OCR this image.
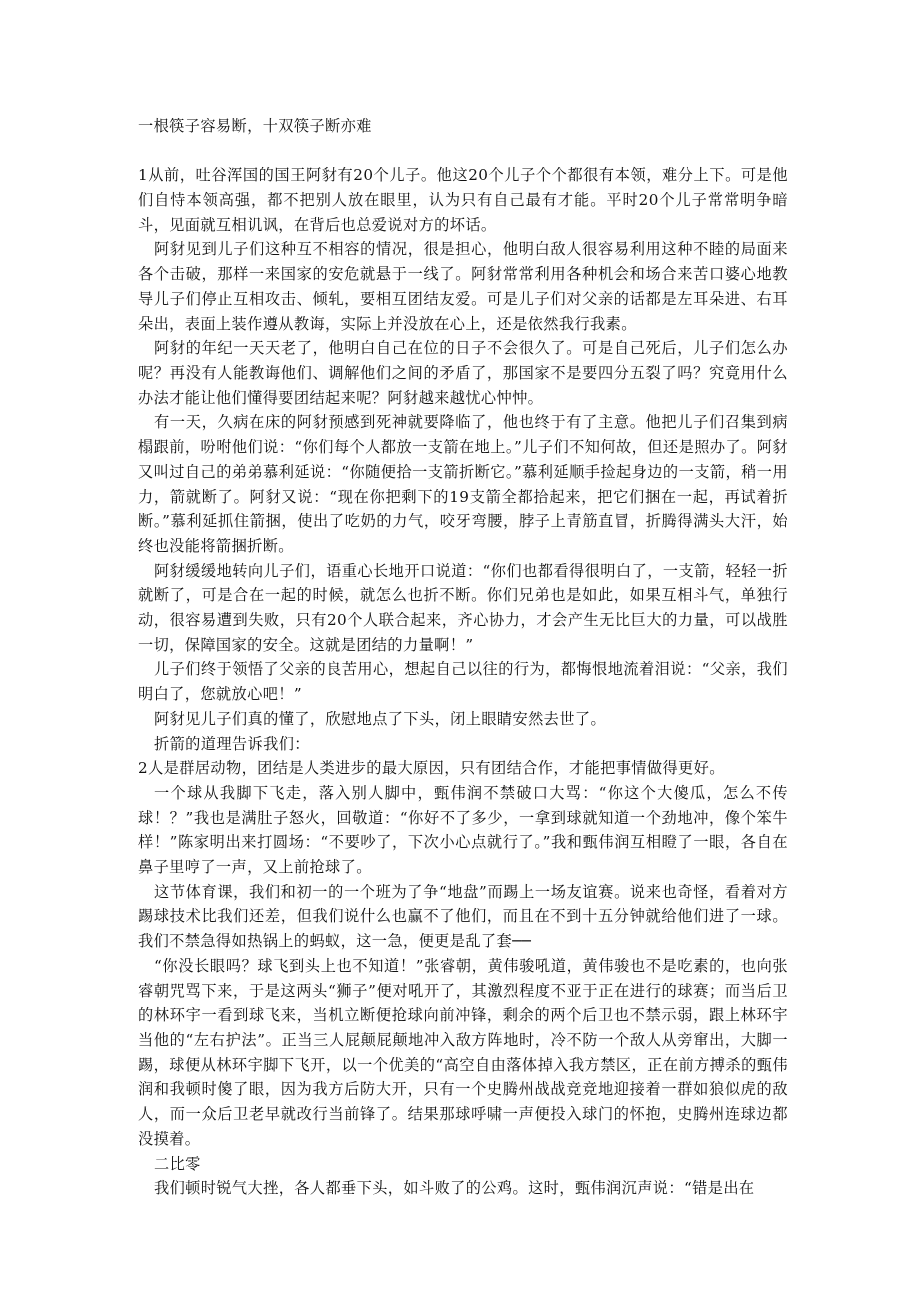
一根筷子容易断，十双筷子断亦难

1从前，吐谷浑国的国王阿豺有20个儿子。他这20个儿子个个都很有本领，难分上下。可是他们自恃本领高强，都不把别人放在眼里，认为只有自己最有才能。平时20个儿子常常明争暗斗，见面就互相讥讽，在背后也总爱说对方的坏话。

阿豺见到儿子们这种互不相容的情况，很是担心，他明白敌人很容易利用这种不睦的局面来各个击破，那样一来国家的安危就悬于一线了。阿豺常常利用各种机会和场合来苦口婆心地教导儿子们停止互相攻击、倾轧，要相互团结友爱。可是儿子们对父亲的话都是左耳朵进、右耳朵出，表面上装作遵从教诲，实际上并没放在心上，还是依然我行我素。

阿豺的年纪一天天老了，他明白自己在位的日子不会很久了。可是自己死后，儿子们怎么办呢？再没有人能教诲他们、调解他们之间的矛盾了，那国家不是要四分五裂了吗？究竟用什么办法才能让他们懂得要团结起来呢？阿豺越来越忧心忡忡。

有一天，久病在床的阿豺预感到死神就要降临了，他也终于有了主意。他把儿子们召集到病榻跟前，吩咐他们说：“你们每个人都放一支箭在地上。”儿子们不知何故，但还是照办了。阿豺又叫过自己的弟弟慕利延说：“你随便拾一支箭折断它。”慕利延顺手捡起身边的一支箭，稍一用力，箭就断了。阿豺又说：“现在你把剩下的19支箭全都拾起来，把它们捆在一起，再试着折断。”慕利延抓住箭捆，使出了吃奶的力气，咬牙弯腰，脖子上青筋直冒，折腾得满头大汗，始终也没能将箭捆折断。

阿豺缓缓地转向儿子们，语重心长地开口说道：“你们也都看得很明白了，一支箭，轻轻一折就断了，可是合在一起的时候，就怎么也折不断。你们兄弟也是如此，如果互相斗气，单独行动，很容易遭到失败，只有20个人联合起来，齐心协力，才会产生无比巨大的力量，可以战胜一切，保障国家的安全。这就是团结的力量啊！”

儿子们终于领悟了父亲的良苦用心，想起自己以往的行为，都悔恨地流着泪说：“父亲，我们明白了，您就放心吧！”

阿豺见儿子们真的懂了，欣慰地点了下头，闭上眼睛安然去世了。

折箭的道理告诉我们：

2人是群居动物，团结是人类进步的最大原因，只有团结合作，才能把事情做得更好。

一个球从我脚下飞走，落入别人脚中，甄伟润不禁破口大骂：“你这个大傻瓜，怎么不传球！？”我也是满肚子怒火，回敬道：“你好不了多少，一拿到球就知道一个劲地冲，像个笨牛样！”陈家明出来打圆场：“不要吵了，下次小心点就行了。”我和甄伟润互相瞪了一眼，各自在鼻子里哼了一声，又上前抢球了。

这节体育课，我们和初一的一个班为了争“地盘”而踢上一场友谊赛。说来也奇怪，看着对方踢球技术比我们还差，但我们说什么也赢不了他们，而且在不到十五分钟就给他们进了一球。我们不禁急得如热锅上的蚂蚁，这一急，便更是乱了套──

“你没长眼吗？球飞到头上也不知道！”张睿朝，黄伟骏吼道，黄伟骏也不是吃素的，也向张睿朝咒骂下来，于是这两头“狮子”便对吼开了，其激烈程度不亚于正在进行的球赛；而当后卫的林环宇一看到球飞来，当机立断便抢球向前冲锋，剩余的两个后卫也不禁示弱，跟上林环宇当他的“左右护法”。正当三人屁颠屁颠地冲入敌方阵地时，冷不防一个敌人从旁窜出，大脚一踢，球便从林环宇脚下飞开，以一个优美的“高空自由落体掉入我方禁区，正在前方搏杀的甄伟润和我顿时傻了眼，因为我方后防大开，只有一个史腾州战战竞竞地迎接着一群如狼似虎的敌人，而一众后卫老早就改行当前锋了。结果那球呼啸一声便投入球门的怀抱，史腾州连球边都没摸着。

二比零

我们顿时锐气大挫，各人都垂下头，如斗败了的公鸡。这时，甄伟润沉声说：“错是出在
